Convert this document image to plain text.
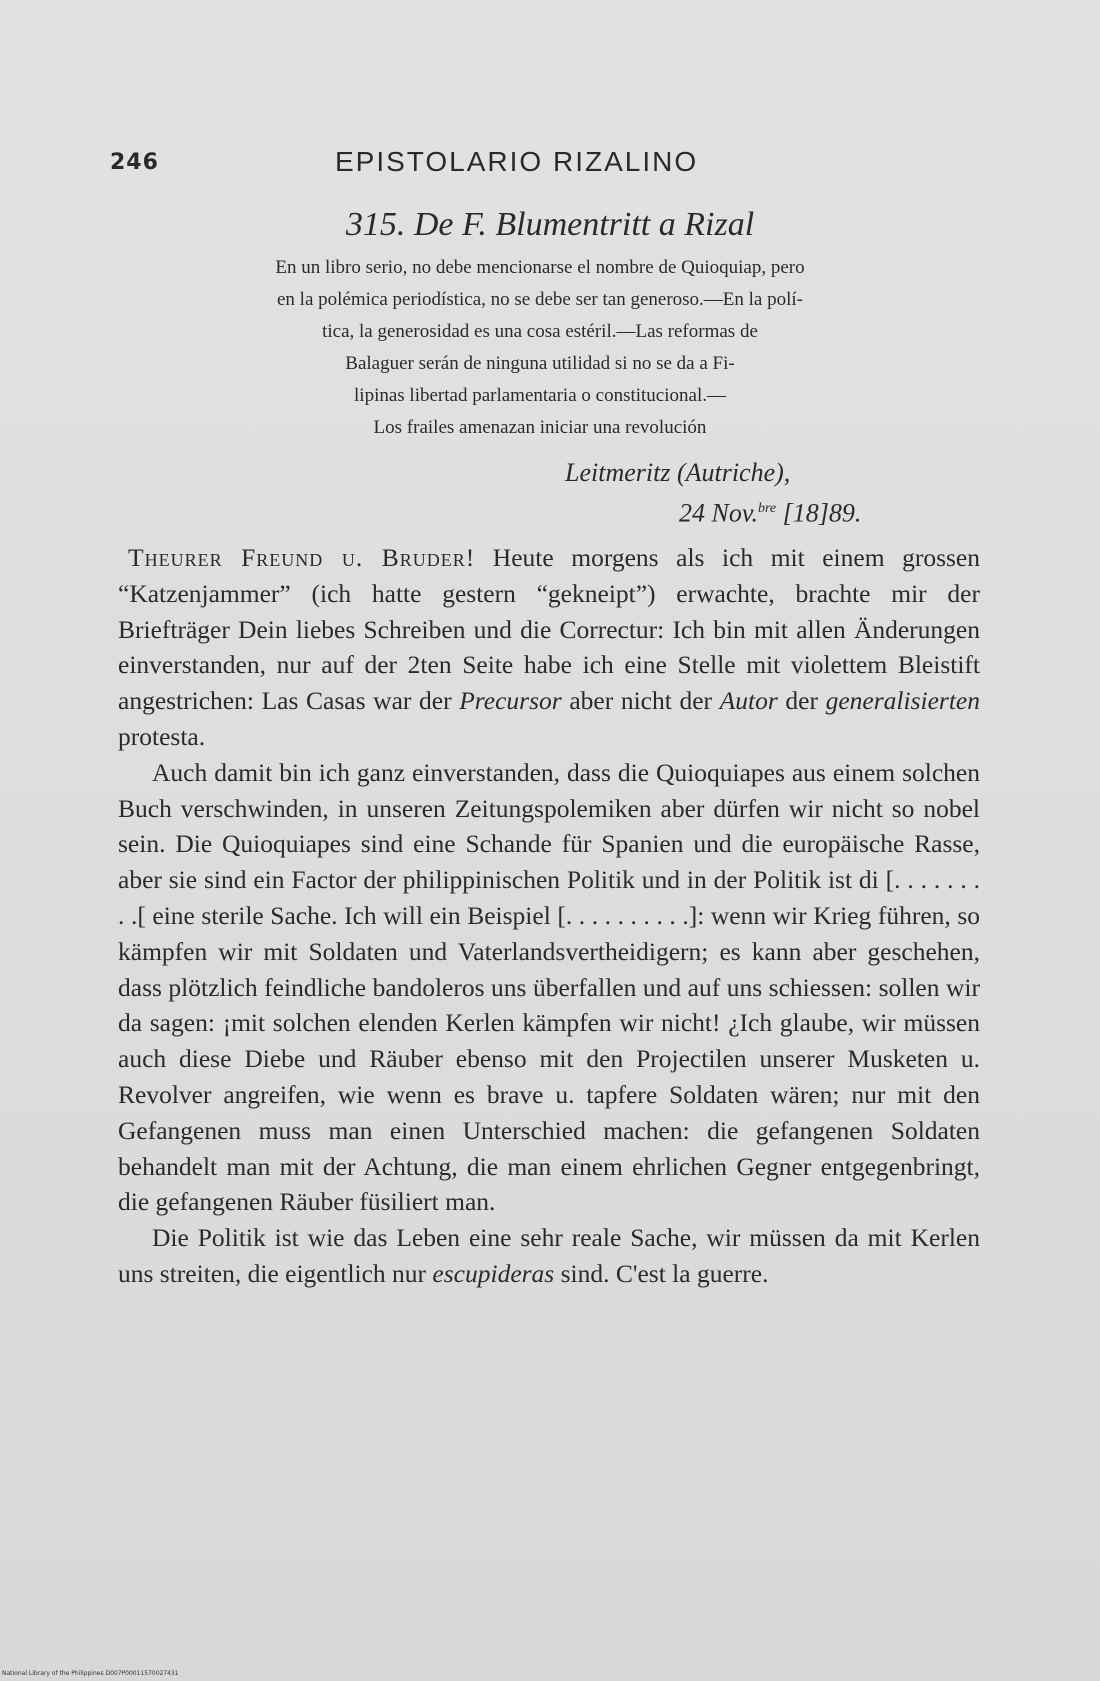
246	EPISTOLARIO RIZALINO
315. De F. Blumentritt a Rizal
En un libro serio, no debe mencionarse el nombre de Quioquiap, pero
en la polémica periodística, no se debe ser tan generoso.—En la polí-
tica, la generosidad es una cosa estéril.—Las reformas de
Balaguer serán de ninguna utilidad si no se da a Fi-
lipinas libertad parlamentaria o constitucional.—
Los frailes amenazan iniciar una revolución
Leitmeritz (Autriche),
24 Nov.$^{bre}$ [18]89.

Theurer Freund u. Bruder! Heute morgens als ich mit einem grossen “Katzenjammer” (ich hatte gestern “gekneipt”) erwachte, brachte mir der Briefträger Dein liebes Schreiben und die Correctur: Ich bin mit allen Änderungen einverstanden, nur auf der 2ten Seite habe ich eine Stelle mit violettem Bleistift angestrichen: Las Casas war der Precursor aber nicht der Autor der generalisierten protesta.

Auch damit bin ich ganz einverstanden, dass die Quioquiapes aus einem solchen Buch verschwinden, in unseren Zeitungspolemiken aber dürfen wir nicht so nobel sein. Die Quioquiapes sind eine Schande für Spanien und die europäische Rasse, aber sie sind ein Factor der philippinischen Politik und in der Politik ist di [. . . . . . . . .[ eine sterile Sache. Ich will ein Beispiel [. . . . . . . . . .]: wenn wir Krieg führen, so kämpfen wir mit Soldaten und Vaterlandsvertheidigern; es kann aber geschehen, dass plötzlich feindliche bandoleros uns überfallen und auf uns schiessen: sollen wir da sagen: ¡mit solchen elenden Kerlen kämpfen wir nicht! ¿Ich glaube, wir müssen auch diese Diebe und Räuber ebenso mit den Projectilen unserer Musketen u. Revolver angreifen, wie wenn es brave u. tapfere Soldaten wären; nur mit den Gefangenen muss man einen Unterschied machen: die gefangenen Soldaten behandelt man mit der Achtung, die man einem ehrlichen Gegner entgegenbringt, die gefangenen Räuber füsiliert man.

Die Politik ist wie das Leben eine sehr reale Sache, wir müssen da mit Kerlen uns streiten, die eigentlich nur escupideras sind. C'est la guerre.

National Library of the Philippines D007P00011570027431
